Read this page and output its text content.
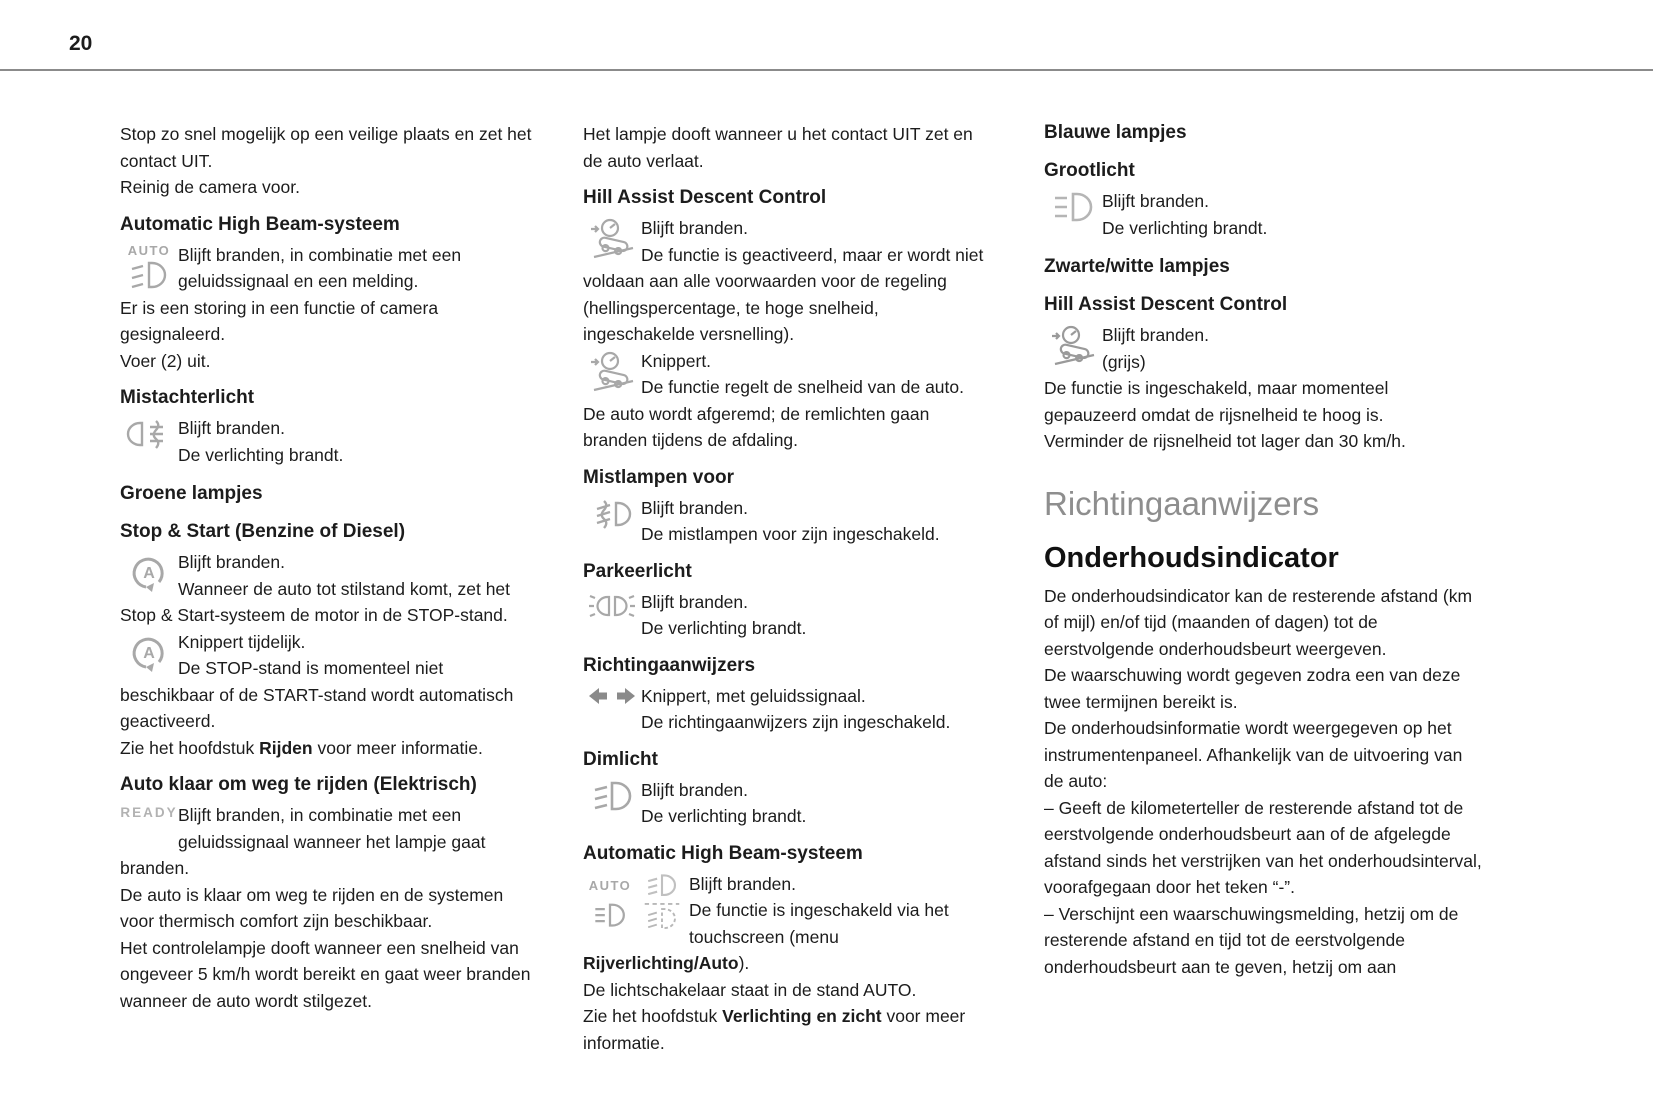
20

Stop zo snel mogelijk op een veilige plaats en zet het contact UIT.

Reinig de camera voor.

Automatic High Beam-systeem
AUTO Blijft branden, in combinatie met een geluidssignaal en een melding.

Er is een storing in een functie of camera gesignaleerd.

Voer (2) uit.

Mistachterlicht

Blijft branden.

De verlichting brandt.

Groene lampjes
Stop & Start (Benzine of Diesel)
A

Blijft branden.

Wanneer de auto tot stilstand komt, zet het Stop & Start-systeem de motor in de STOP-stand.

A

Knippert tijdelijk.

De STOP-stand is momenteel niet beschikbaar of de START-stand wordt automatisch geactiveerd.

Zie het hoofdstuk Rijden voor meer informatie.

Auto klaar om weg te rijden (Elektrisch)
READY Blijft branden, in combinatie met een geluidssignaal wanneer het lampje gaat branden.

De auto is klaar om weg te rijden en de systemen voor thermisch comfort zijn beschikbaar.

Het controlelampje dooft wanneer een snelheid van ongeveer 5 km/h wordt bereikt en gaat weer branden wanneer de auto wordt stilgezet.

Het lampje dooft wanneer u het contact UIT zet en de auto verlaat.

Hill Assist Descent Control

Blijft branden.

De functie is geactiveerd, maar er wordt niet voldaan aan alle voorwaarden voor de regeling (hellingspercentage, te hoge snelheid, ingeschakelde versnelling).

Knippert.

De functie regelt de snelheid van de auto.

De auto wordt afgeremd; de remlichten gaan branden tijdens de afdaling.

Mistlampen voor

Blijft branden.

De mistlampen voor zijn ingeschakeld.

Parkeerlicht

Blijft branden.

De verlichting brandt.

Richtingaanwijzers

Knippert, met geluidssignaal.

De richtingaanwijzers zijn ingeschakeld.

Dimlicht

Blijft branden.

De verlichting brandt.

Automatic High Beam-systeem
AUTO	Blijft branden.

De functie is ingeschakeld via het touchscreen (menu Rijverlichting/Auto).

De lichtschakelaar staat in de stand AUTO.

Zie het hoofdstuk Verlichting en zicht voor meer informatie.

Blauwe lampjes
Grootlicht

Blijft branden.

De verlichting brandt.

Zwarte/witte lampjes
Hill Assist Descent Control

Blijft branden.

(grijs)

De functie is ingeschakeld, maar momenteel gepauzeerd omdat de rijsnelheid te hoog is.

Verminder de rijsnelheid tot lager dan 30 km/h.

Richtingaanwijzers
Onderhoudsindicator

De onderhoudsindicator kan de resterende afstand (km of mijl) en/of tijd (maanden of dagen) tot de eerstvolgende onderhoudsbeurt weergeven.

De waarschuwing wordt gegeven zodra een van deze twee termijnen bereikt is.

De onderhoudsinformatie wordt weergegeven op het instrumentenpaneel. Afhankelijk van de uitvoering van de auto:

– Geeft de kilometerteller de resterende afstand tot de eerstvolgende onderhoudsbeurt aan of de afgelegde afstand sinds het verstrijken van het onderhoudsinterval, voorafgegaan door het teken “-”.

– Verschijnt een waarschuwingsmelding, hetzij om de resterende afstand en tijd tot de eerstvolgende onderhoudsbeurt aan te geven, hetzij om aan
